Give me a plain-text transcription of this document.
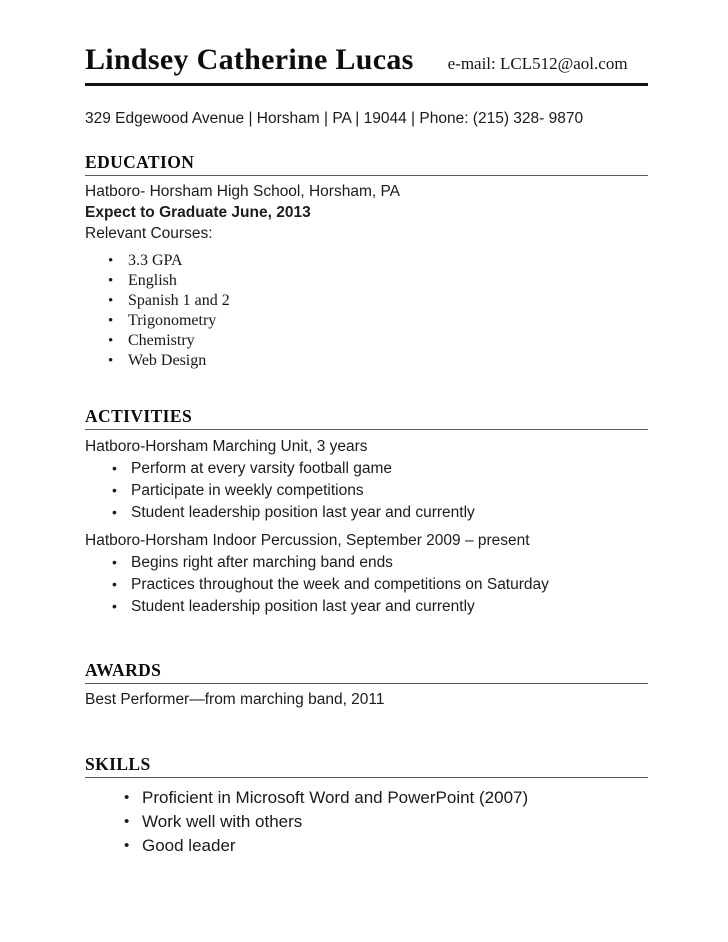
Lindsey Catherine Lucas e-mail: LCL512@aol.com

329 Edgewood Avenue | Horsham | PA | 19044 | Phone: (215) 328- 9870

EDUCATION

Hatboro- Horsham High School, Horsham, PA

Expect to Graduate June, 2013

Relevant Courses:

• 3.3 GPA
• English
• Spanish 1 and 2
• Trigonometry
• Chemistry
• Web Design
ACTIVITIES

Hatboro-Horsham Marching Unit, 3 years

• Perform at every varsity football game
• Participate in weekly competitions
• Student leadership position last year and currently

Hatboro-Horsham Indoor Percussion, September 2009 – present

• Begins right after marching band ends
• Practices throughout the week and competitions on Saturday
• Student leadership position last year and currently
AWARDS

Best Performer—from marching band, 2011

SKILLS
• Proficient in Microsoft Word and PowerPoint (2007)
• Work well with others
• Good leader
